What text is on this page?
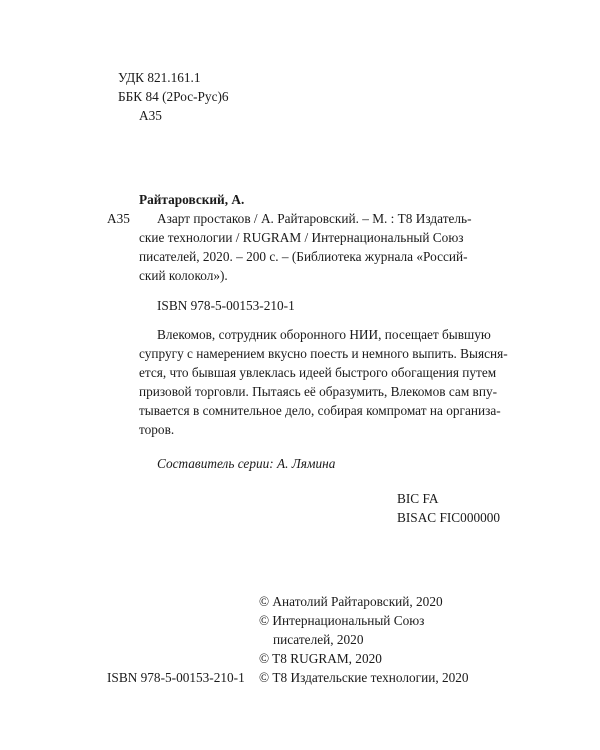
УДК 821.161.1
ББК 84 (2Рос-Рус)6
А35
Райтаровский, А.
А35 Азарт простаков / А. Райтаровский. – М. : Т8 Издатель-
ские технологии / RUGRAM / Интернациональный Союз
писателей, 2020. – 200 с. – (Библиотека журнала «Россий-
ский колокол»).
ISBN 978-5-00153-210-1
Влекомов, сотрудник оборонного НИИ, посещает бывшую
супругу с намерением вкусно поесть и немного выпить. Выясня-
ется, что бывшая увлеклась идеей быстрого обогащения путем
призовой торговли. Пытаясь её образумить, Влекомов сам впу-
тывается в сомнительное дело, собирая компромат на организа-
торов.
Составитель серии: А. Лямина
BIC FA
BISAC FIC000000
© Анатолий Райтаровский, 2020
© Интернациональный Союз
писателей, 2020
© T8 RUGRAM, 2020
ISBN 978-5-00153-210-1 © Т8 Издательские технологии, 2020
